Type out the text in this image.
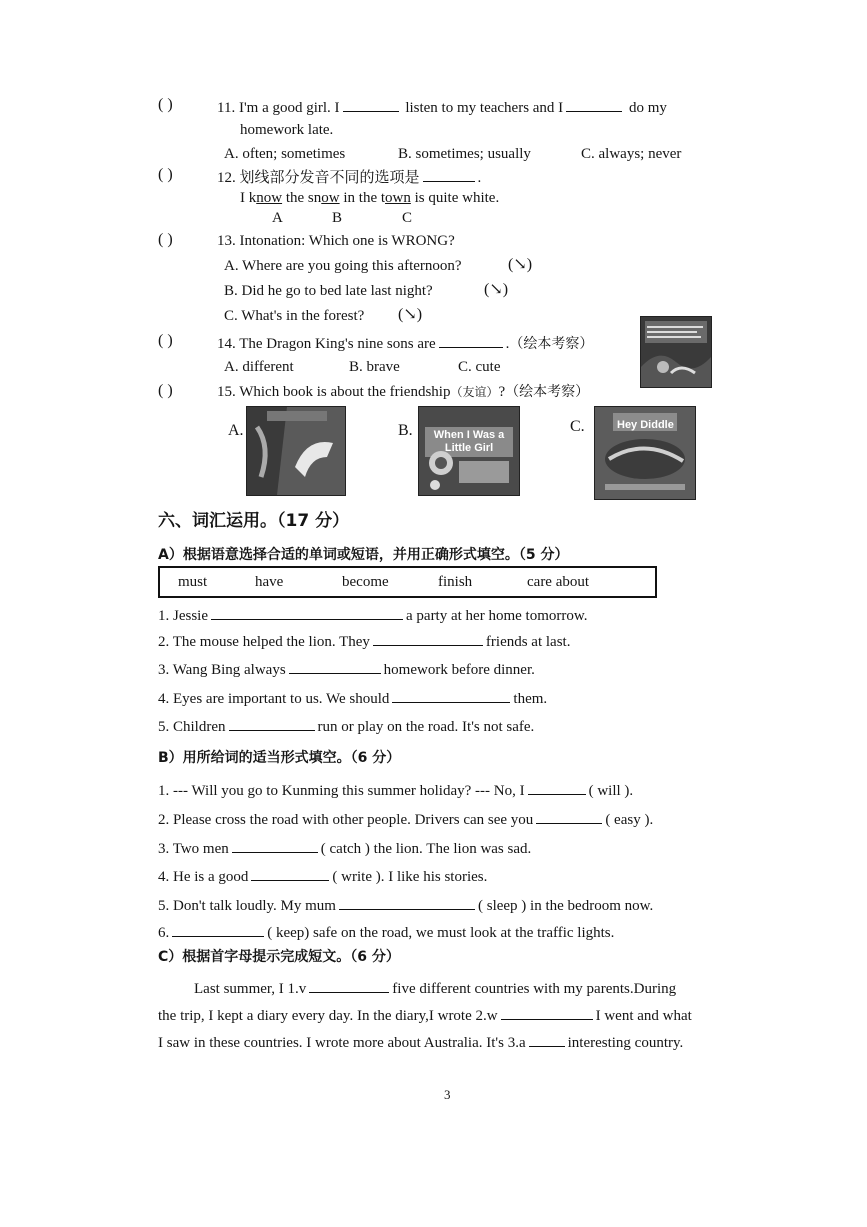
( )	11. I'm a good girl. I	listen to my teachers and I	do my
homework late.
A. often; sometimes	B. sometimes; usually	C. always; never
( )	12. 划线部分发音不同的选项是	.
I know the snow in the town is quite white.
A	B	C
( )	13. Intonation: Which one is WRONG?
A. Where are you going this afternoon?	(↘)
B. Did he go to bed late last night?	(↘)
C. What's in the forest? (↘)
( )	14. The Dragon King's nine sons are	.（绘本考察）
A. different	B. brave	C. cute
( )	15. Which book is about the friendship（友谊）?（绘本考察）
A.	B.	When I Was a Little Girl
C.	Hey Diddle
六、词汇运用。（17 分）
A）根据语意选择合适的单词或短语，并用正确形式填空。（5 分）
must	have	become	finish	care about
1. Jessie	a party at her home tomorrow.
2. The mouse helped the lion. They	friends at last.
3. Wang Bing always	homework before dinner.
4. Eyes are important to us. We should	them.
5. Children	run or play on the road. It's not safe.
B）用所给词的适当形式填空。（6 分）
1. --- Will you go to Kunming this summer holiday? --- No, I	( will ).
2. Please cross the road with other people. Drivers can see you	( easy ).
3. Two men	( catch ) the lion. The lion was sad.
4. He is a good	( write ). I like his stories.
5. Don't talk loudly. My mum	( sleep ) in the bedroom now.
6.	( keep) safe on the road, we must look at the traffic lights.
C）根据首字母提示完成短文。（6 分）
Last summer, I 1.v	five different countries with my parents.During
the trip, I kept a diary every day. In the diary,I wrote 2.w	I went and what
I saw in these countries. I wrote more about Australia. It's 3.a	interesting country.
3
